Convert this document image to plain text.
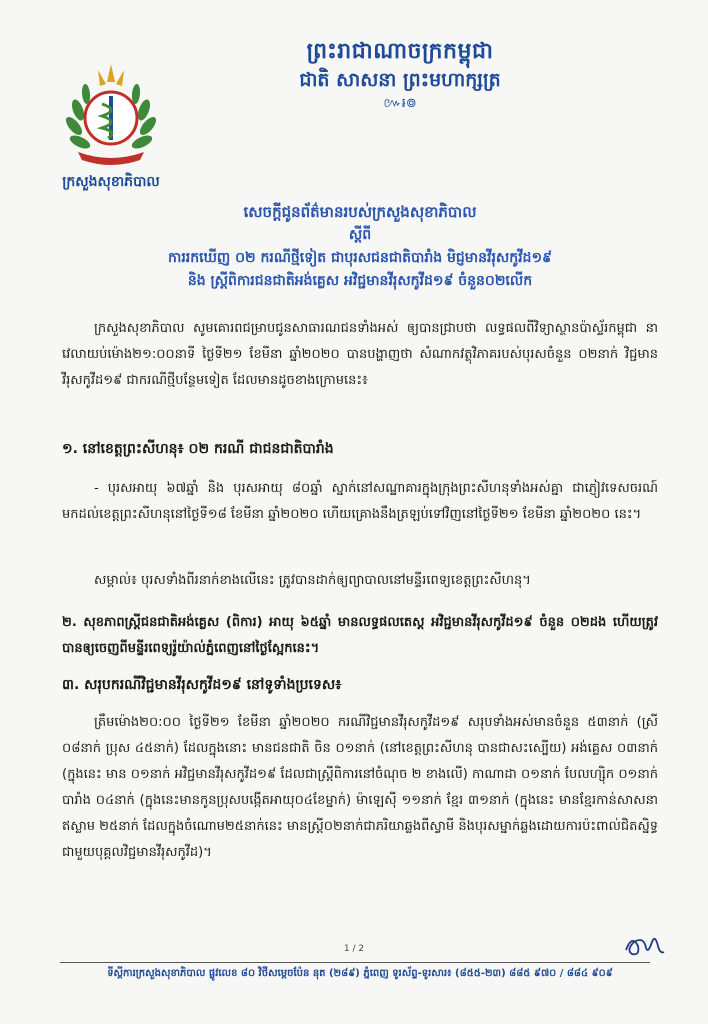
ព្រះរាជាណាចក្រកម្ពុជា
ជាតិ សាសនា ព្រះមហាក្សត្រ
៚៛៙
ក្រសួងសុខាភិបាល
សេចក្តីជូនព័ត៌មានរបស់ក្រសួងសុខាភិបាល
ស្តីពី
ការរកឃើញ ០២ ករណីថ្មីទៀត ជាបុរសជនជាតិបារាំង មិជ្ញមានវីរុសកូវីដ១៩
និង ស្ត្រីពិការជនជាតិអង់គ្លេស អវិជ្ជមានវីរុសកូវីដ១៩ ចំនួន០២លើក
ក្រសួងសុខាភិបាល សូមគោរពជម្រាបជូនសាធារណជនទាំងអស់ ឲ្យបានជ្រាបថា លទ្ធផលពីវិទ្យាស្ថានប៉ាស្ទ័រកម្ពុជា នាវេលាយប់ម៉ោង២១:០០នាទី ថ្ងៃទី២១ ខែមីនា ឆ្នាំ២០២០ បានបង្ហាញថា សំណាកវត្ថុវិភាគរបស់បុរសចំនួន ០២នាក់ វិជ្ជមានវីរុសកូវីដ១៩ ជាករណីថ្មីបន្ថែមទៀត ដែលមានដូចខាងក្រោមនេះ៖
១. នៅខេត្តព្រះសីហនុ៖ ០២ ករណី ជាជនជាតិបារាំង
- បុរសអាយុ ៦៧ឆ្នាំ និង បុរសអាយុ ៨០ឆ្នាំ ស្នាក់នៅសណ្ឋាគារក្នុងក្រុងព្រះសីហនុទាំងអស់គ្នា ជាភ្ញៀវទេសចរណ៍ មកដល់ខេត្តព្រះសីហនុនៅថ្ងៃទី១៨ ខែមីនា ឆ្នាំ២០២០ ហើយគ្រោងនឹងត្រឡប់ទៅវិញនៅថ្ងៃទី២១ ខែមីនា ឆ្នាំ២០២០ នេះ។
សម្គាល់៖ បុរសទាំងពីរនាក់ខាងលើនេះ ត្រូវបានដាក់ឲ្យព្យាបាលនៅមន្ទីរពេទ្យខេត្តព្រះសីហនុ។
២. សុខភាពស្ត្រីជនជាតិអង់គ្លេស (ពិការ) អាយុ ៦៥ឆ្នាំ មានលទ្ធផលតេស្ត អវិជ្ជមានវីរុសកូវីដ១៩ ចំនួន ០២ដង ហើយត្រូវបានឲ្យចេញពីមន្ទីរពេទ្យរ៉ូយ៉ាល់ភ្នំពេញនៅថ្ងៃស្អែកនេះ។
៣. សរុបករណីវិជ្ជមានវីរុសកូវីដ១៩ នៅទូទាំងប្រទេស៖
ត្រឹមម៉ោង២០:០០ ថ្ងៃទី២១ ខែមីនា ឆ្នាំ២០២០ ករណីវិជ្ជមានវីរុសកូវីដ១៩ សរុបទាំងអស់មានចំនួន ៥៣នាក់ (ស្រី ០៨នាក់ ប្រុស ៤៥នាក់) ដែលក្នុងនោះ មានជនជាតិ ចិន ០១នាក់ (នៅខេត្តព្រះសីហនុ បានជាសះស្បើយ) អង់គ្លេស ០៣នាក់ (ក្នុងនេះ មាន ០១នាក់ អវិជ្ជមានវីរុសកូវីដ១៩ ដែលជាស្ត្រីពិការនៅចំណុច ២ ខាងលើ) កាណាដា ០១នាក់ បែលហ្ស៊ិក ០១នាក់ បារាំង ០៤នាក់ (ក្នុងនេះមានកូនប្រុសបង្កើតអាយុ០៤ខែម្នាក់) ម៉ាឡេស៊ី ១១នាក់ ខ្មែរ ៣១នាក់ (ក្នុងនេះ មានខ្មែរកាន់សាសនាឥស្លាម ២៥នាក់ ដែលក្នុងចំណោម២៥នាក់នេះ មានស្ត្រី០២នាក់ជាភរិយាឆ្លងពីស្វាមី និងបុរសម្នាក់ឆ្លងដោយការប៉ះពាល់ជិតស្និទ្ធជាមួយបុគ្គលវិជ្ជមានវីរុសកូវីដ)។
1 / 2
ទីស្តីការក្រសួងសុខាភិបាល ផ្លូវលេខ ៨០ វិថីសម្តេចប៉ែន នុត (២៨៩) ភ្នំពេញ ទូរស័ព្ទ-ទូរសារ៖ (៨៥៥-២៣) ៨៨៥ ៩៧០ / ៨៨៤ ៩០៩
